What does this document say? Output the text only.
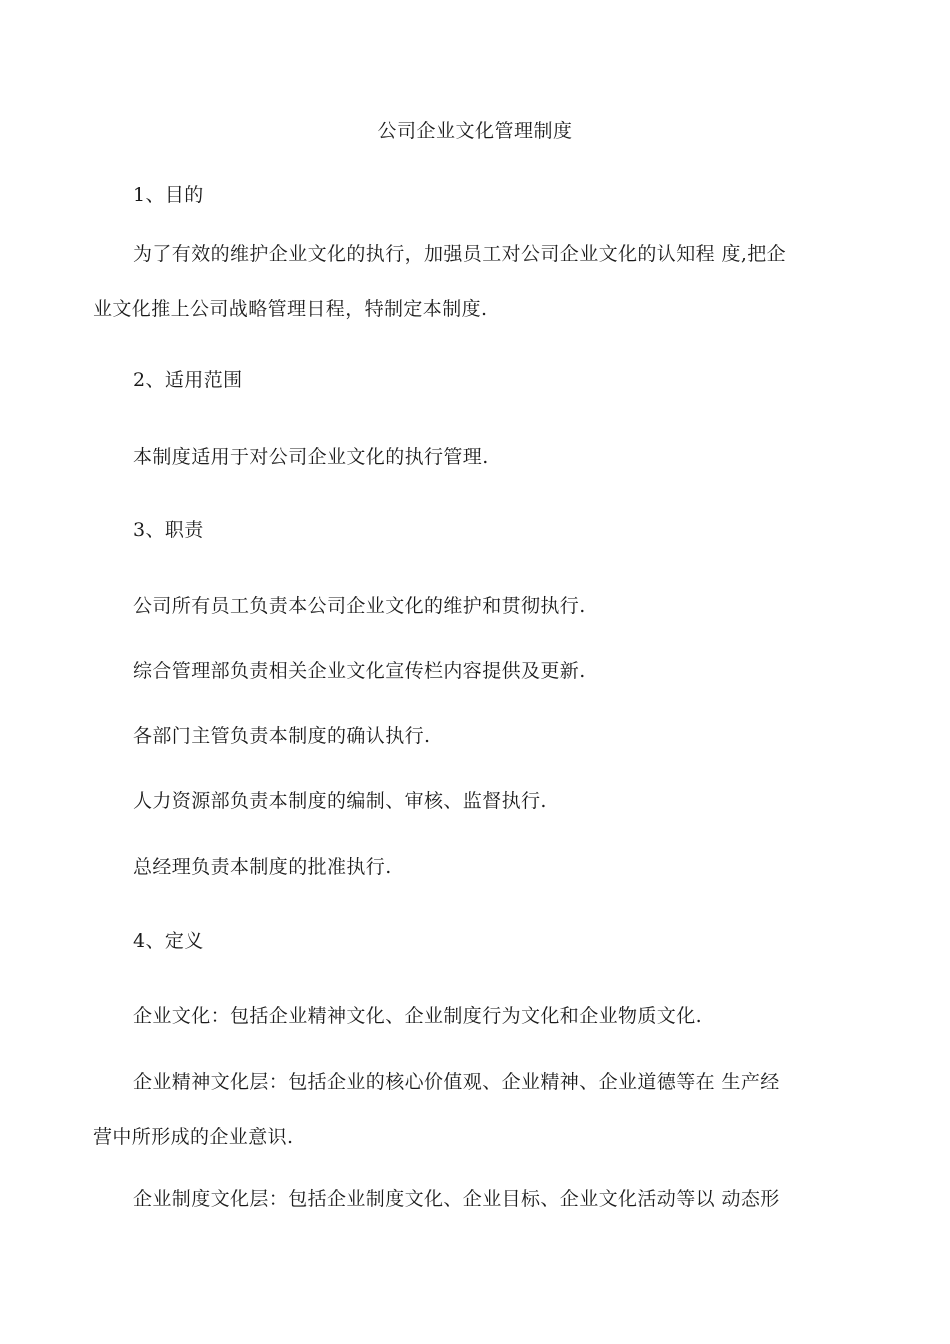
公司企业文化管理制度
1、目的
为了有效的维护企业文化的执行，加强员工对公司企业文化的认知程 度,把企
业文化推上公司战略管理日程，特制定本制度.
2、适用范围
本制度适用于对公司企业文化的执行管理.
3、职责
公司所有员工负责本公司企业文化的维护和贯彻执行.
综合管理部负责相关企业文化宣传栏内容提供及更新.
各部门主管负责本制度的确认执行.
人力资源部负责本制度的编制、审核、监督执行.
总经理负责本制度的批准执行.
4、定义
企业文化：包括企业精神文化、企业制度行为文化和企业物质文化.
企业精神文化层：包括企业的核心价值观、企业精神、企业道德等在 生产经
营中所形成的企业意识.
企业制度文化层：包括企业制度文化、企业目标、企业文化活动等以 动态形
